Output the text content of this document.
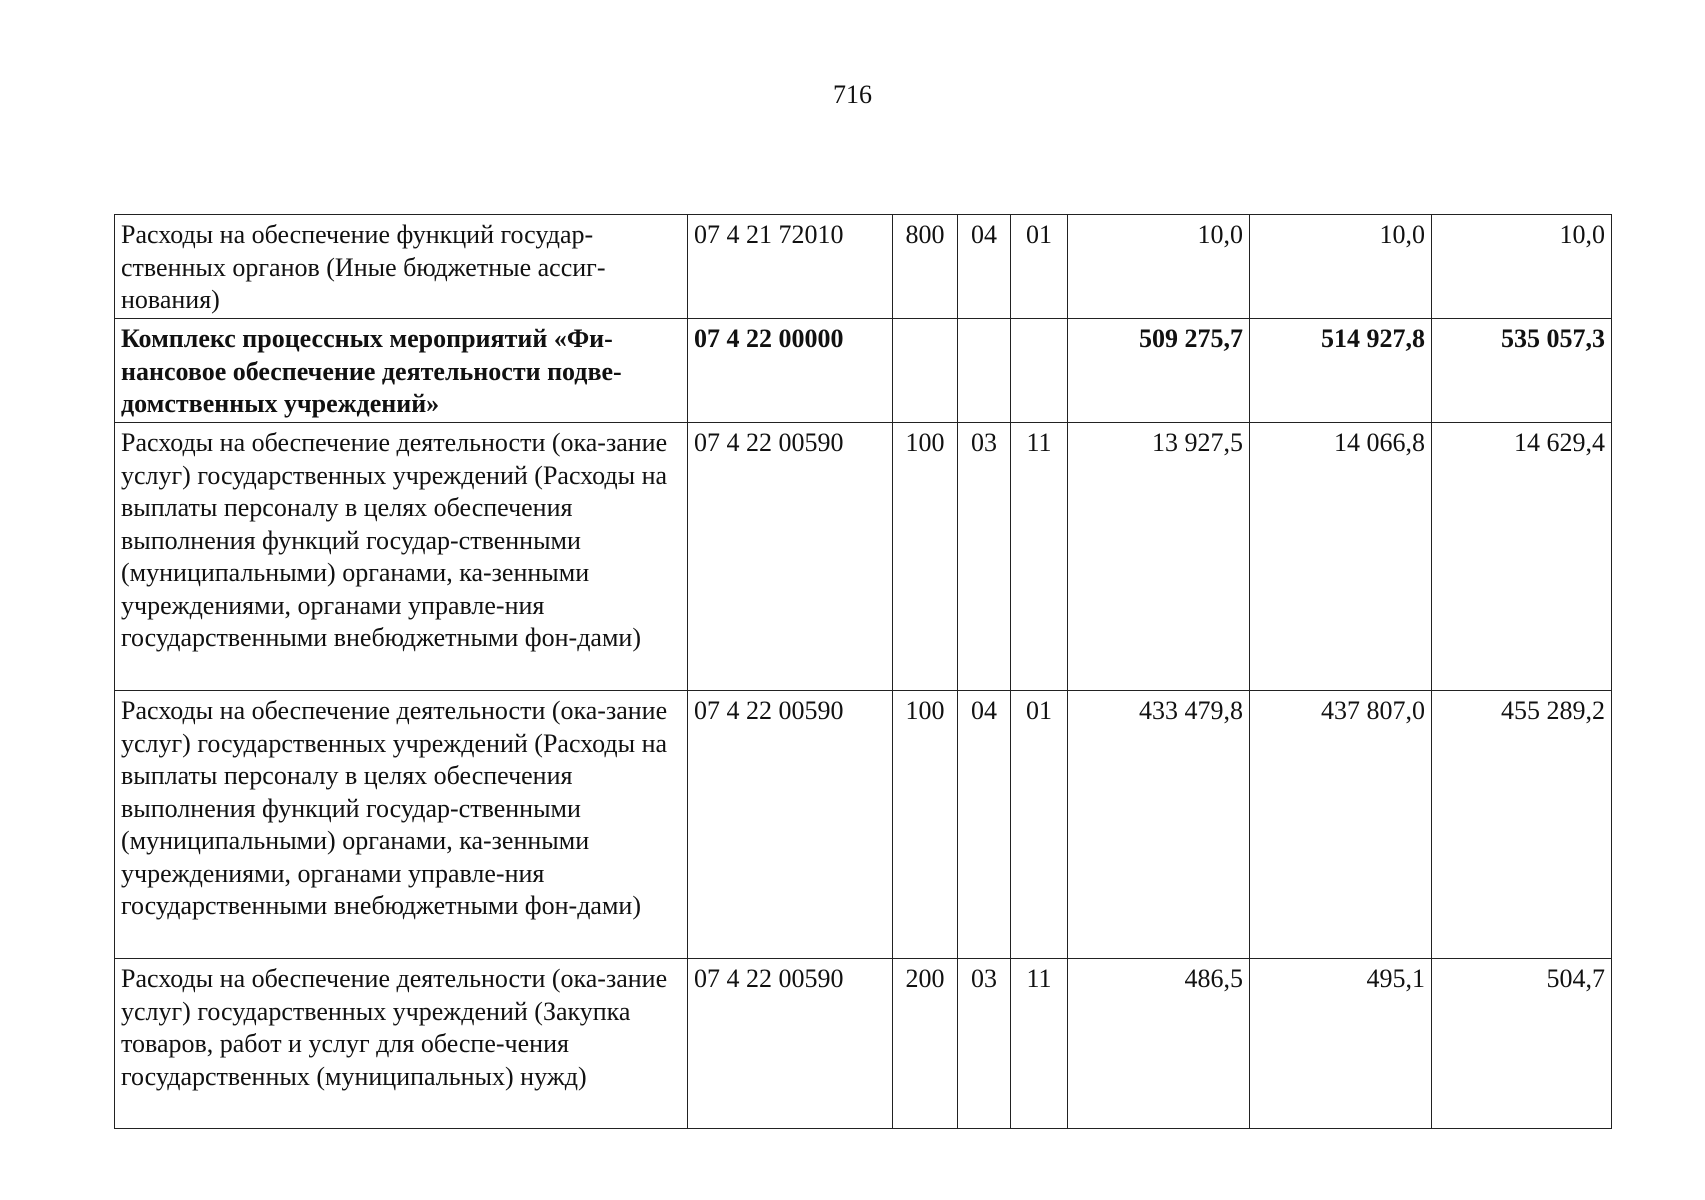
716
Расходы на обеспечение функций государ-ственных органов (Иные бюджетные ассиг-нования)	07 4 21 72010	800	04	01	10,0	10,0	10,0
Комплекс процессных мероприятий «Фи-нансовое обеспечение деятельности подве-домственных учреждений»	07 4 22 00000				509 275,7	514 927,8	535 057,3
Расходы на обеспечение деятельности (ока-зание услуг) государственных учреждений (Расходы на выплаты персоналу в целях обеспечения выполнения функций государ-ственными (муниципальными) органами, ка-зенными учреждениями, органами управле-ния государственными внебюджетными фон-дами)	07 4 22 00590	100	03	11	13 927,5	14 066,8	14 629,4
Расходы на обеспечение деятельности (ока-зание услуг) государственных учреждений (Расходы на выплаты персоналу в целях обеспечения выполнения функций государ-ственными (муниципальными) органами, ка-зенными учреждениями, органами управле-ния государственными внебюджетными фон-дами)	07 4 22 00590	100	04	01	433 479,8	437 807,0	455 289,2
Расходы на обеспечение деятельности (ока-зание услуг) государственных учреждений (Закупка товаров, работ и услуг для обеспе-чения государственных (муниципальных) нужд)	07 4 22 00590	200	03	11	486,5	495,1	504,7
